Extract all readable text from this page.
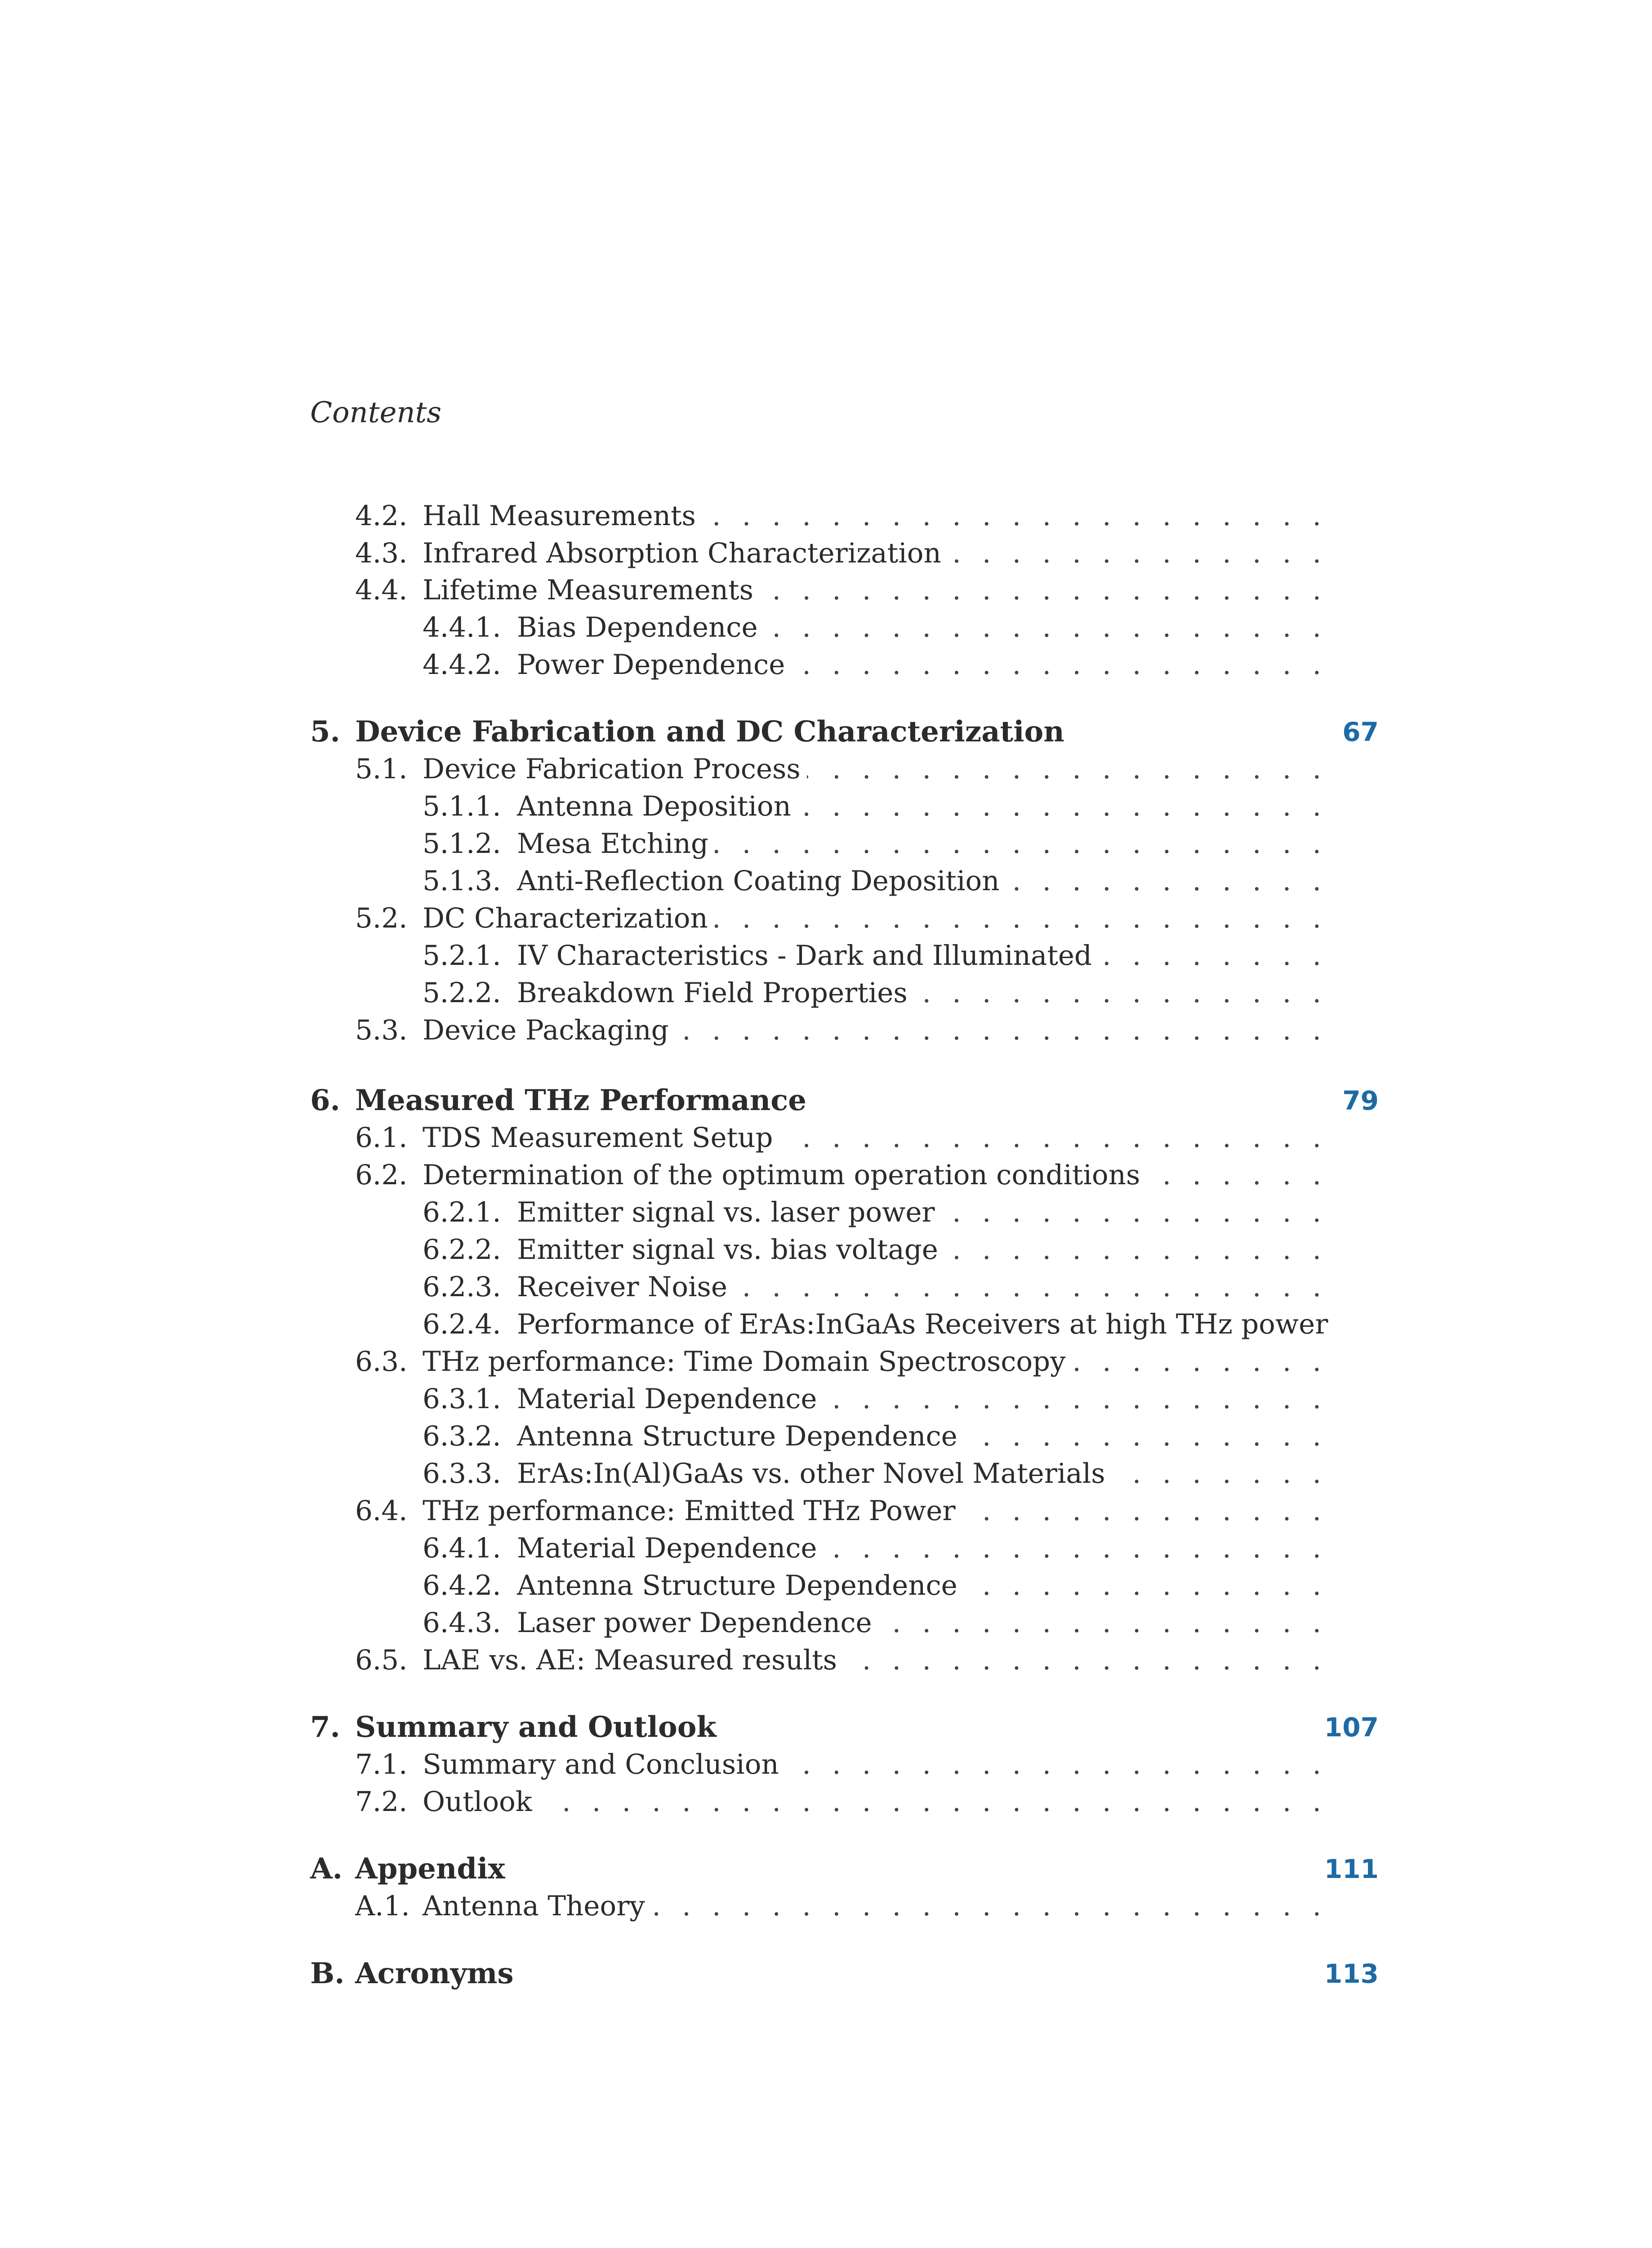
Contents
4.2. . . . Hall Measurements
4.3. . . . Infrared Absorption Characterization
4.4. . . . Lifetime Measurements
4.4.1. . . . Bias Dependence
4.4.2. . . . Power Dependence
5. Device Fabrication and DC Characterization	67
5.1. . . . Device Fabrication Process
5.1.1. . . . Antenna Deposition
5.1.2. . . . Mesa Etching
5.1.3. . . . Anti-Reflection Coating Deposition
5.2. . . . DC Characterization
5.2.1. . . . IV Characteristics - Dark and Illuminated
5.2.2. . . . Breakdown Field Properties
5.3. . . . Device Packaging
6. Measured THz Performance	79
6.1. . . . TDS Measurement Setup
6.2. . . . Determination of the optimum operation conditions
6.2.1. . . . Emitter signal vs. laser power
6.2.2. . . . Emitter signal vs. bias voltage
6.2.3. . . . Receiver Noise
6.2.4. . . . Performance of ErAs:InGaAs Receivers at high THz power
6.3. . . . THz performance: Time Domain Spectroscopy
6.3.1. . . . Material Dependence
6.3.2. . . . Antenna Structure Dependence
6.3.3. . . . ErAs:In(Al)GaAs vs. other Novel Materials
6.4. . . . THz performance: Emitted THz Power
6.4.1. . . . Material Dependence
6.4.2. . . . Antenna Structure Dependence
6.4.3. . . . Laser power Dependence
6.5. . . . LAE vs. AE: Measured results
7. Summary and Outlook	107
7.1. . . . Summary and Conclusion
7.2. . . . Outlook
A. Appendix	111
A.1. . . . Antenna Theory
B. Acronyms	113
